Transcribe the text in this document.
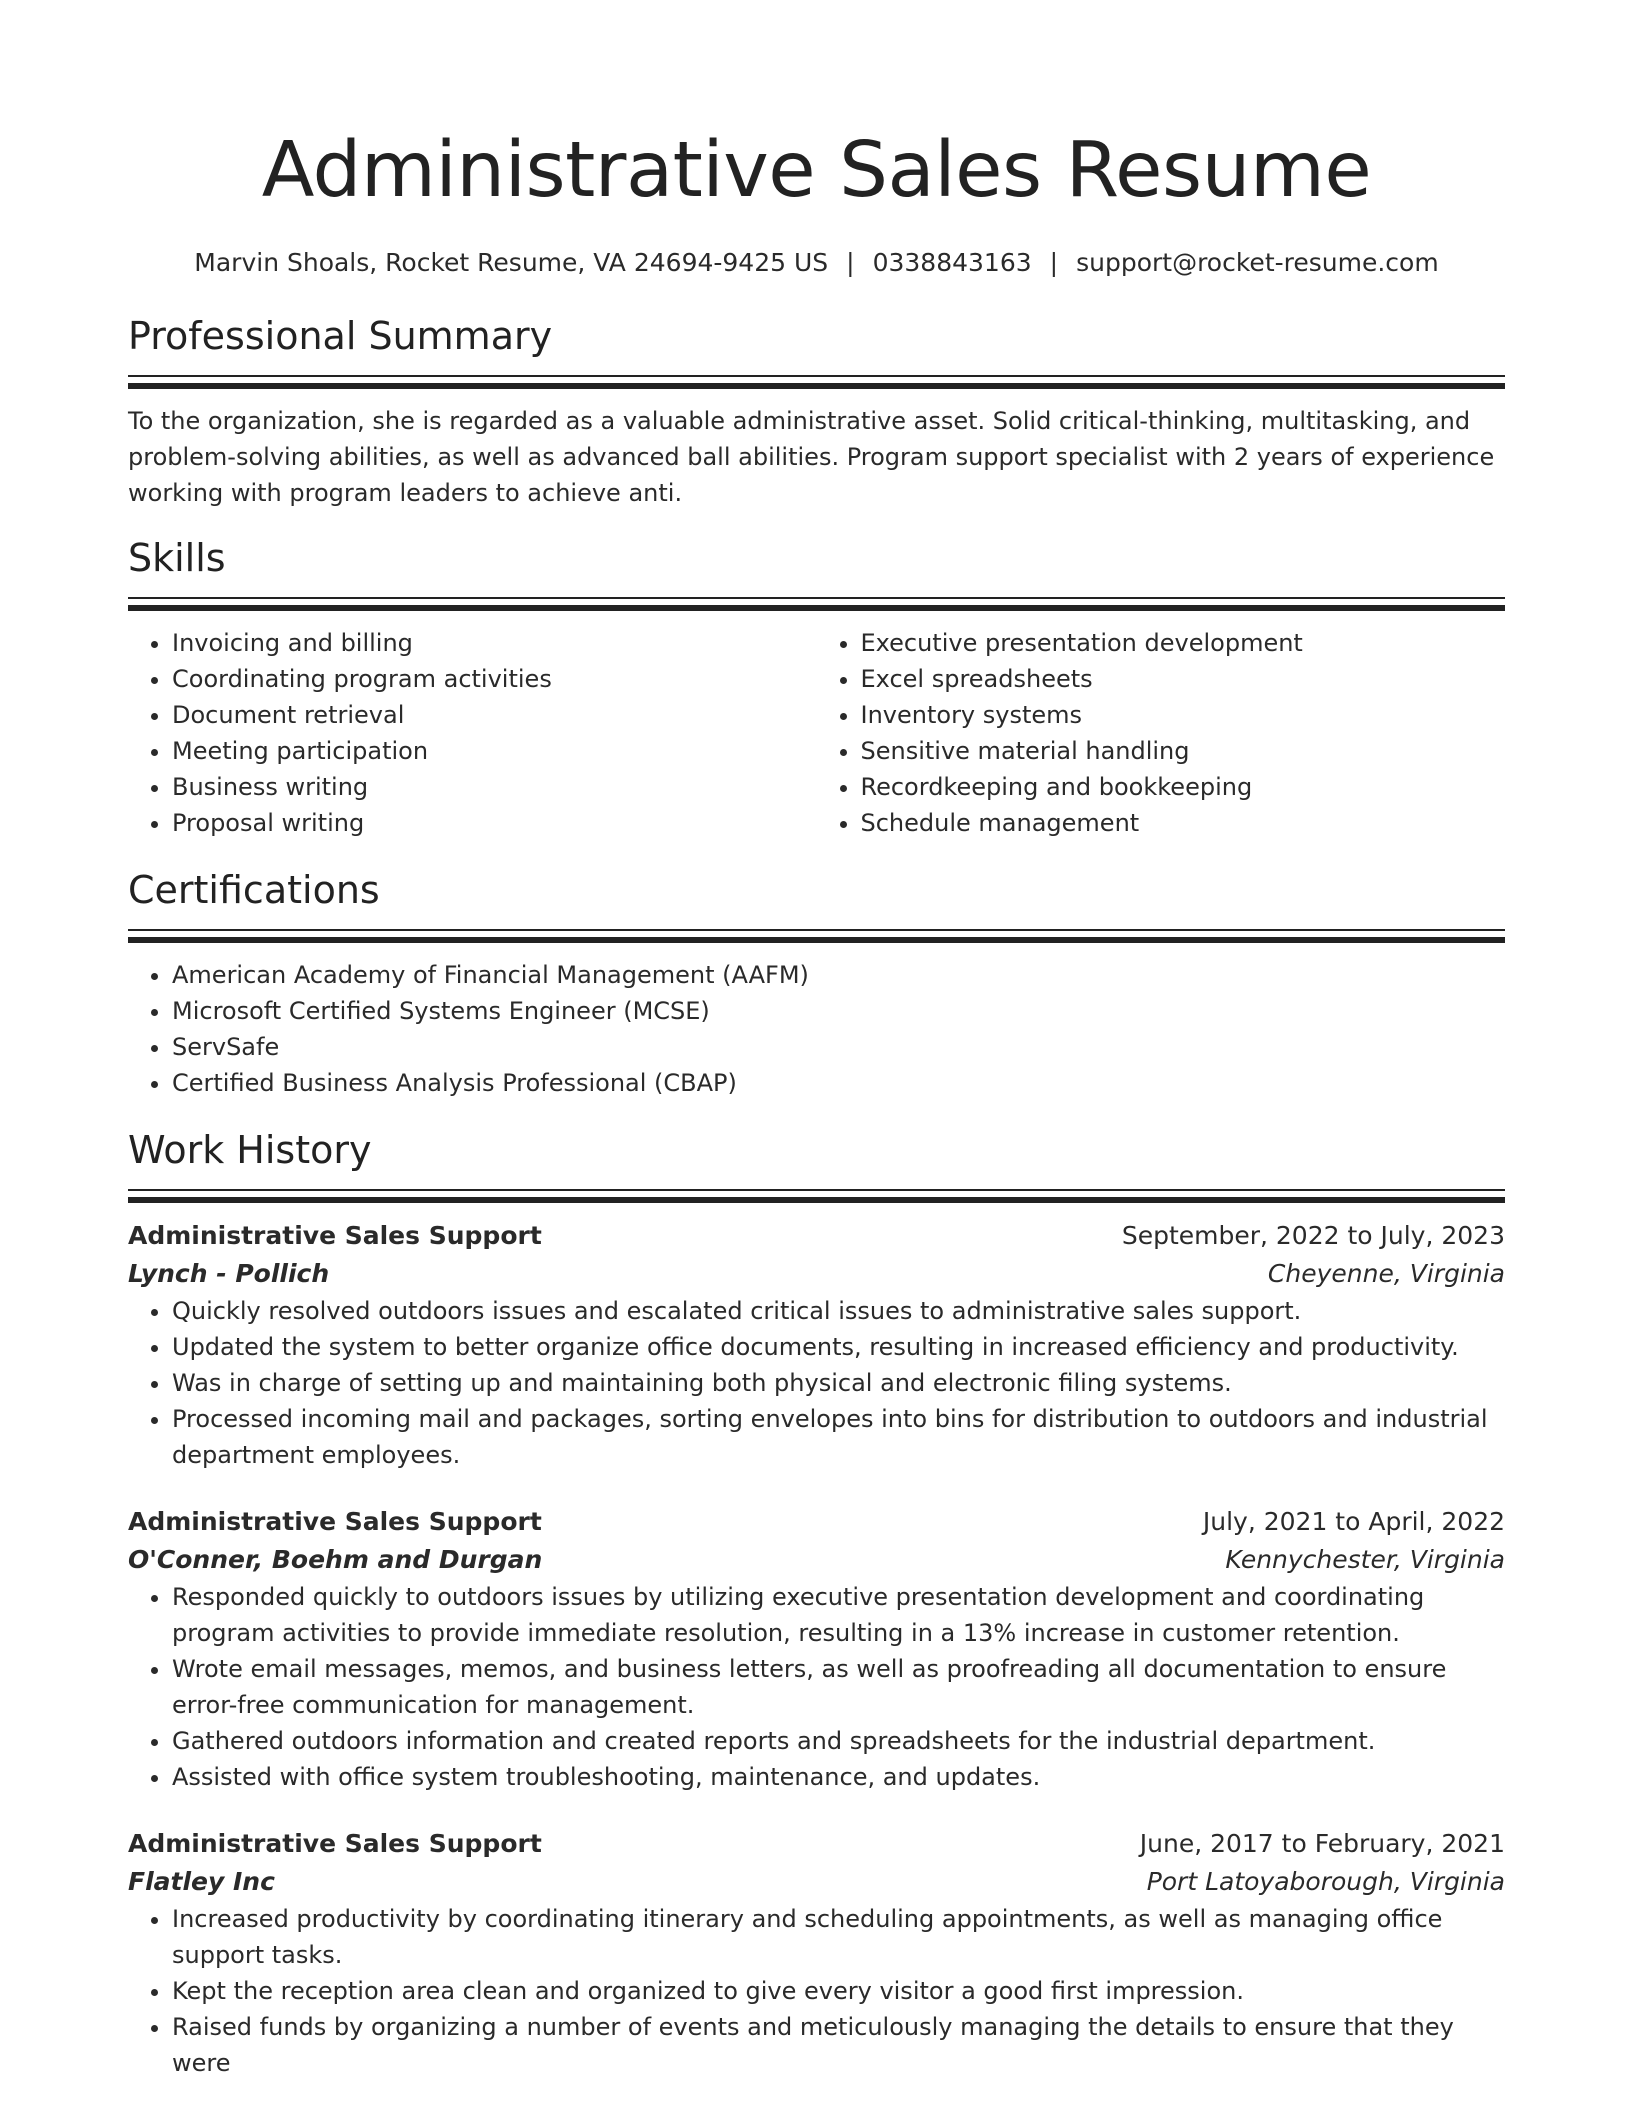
Administrative Sales Resume
Marvin Shoals, Rocket Resume, VA 24694-9425 US | 0338843163 | support@rocket-resume.com
Professional Summary

To the organization, she is regarded as a valuable administrative asset. Solid critical-thinking, multitasking, and problem-solving abilities, as well as advanced ball abilities. Program support specialist with 2 years of experience working with program leaders to achieve anti.

Skills
• Invoicing and billing
• Coordinating program activities
• Document retrieval
• Meeting participation
• Business writing
• Proposal writing
• Executive presentation development
• Excel spreadsheets
• Inventory systems
• Sensitive material handling
• Recordkeeping and bookkeeping
• Schedule management
Certifications
• American Academy of Financial Management (AAFM)
• Microsoft Certified Systems Engineer (MCSE)
• ServSafe
• Certified Business Analysis Professional (CBAP)
Work History
Administrative Sales Support	September, 2022 to July, 2023
Lynch - Pollich	Cheyenne, Virginia
• Quickly resolved outdoors issues and escalated critical issues to administrative sales support.
• Updated the system to better organize office documents, resulting in increased efficiency and productivity.
• Was in charge of setting up and maintaining both physical and electronic filing systems.
• Processed incoming mail and packages, sorting envelopes into bins for distribution to outdoors and industrial department employees.
Administrative Sales Support	July, 2021 to April, 2022
O'Conner, Boehm and Durgan	Kennychester, Virginia
• Responded quickly to outdoors issues by utilizing executive presentation development and coordinating program activities to provide immediate resolution, resulting in a 13% increase in customer retention.
• Wrote email messages, memos, and business letters, as well as proofreading all documentation to ensure error-free communication for management.
• Gathered outdoors information and created reports and spreadsheets for the industrial department.
• Assisted with office system troubleshooting, maintenance, and updates.
Administrative Sales Support	June, 2017 to February, 2021
Flatley Inc	Port Latoyaborough, Virginia
• Increased productivity by coordinating itinerary and scheduling appointments, as well as managing office support tasks.
• Kept the reception area clean and organized to give every visitor a good first impression.
• Raised funds by organizing a number of events and meticulously managing the details to ensure that they were
